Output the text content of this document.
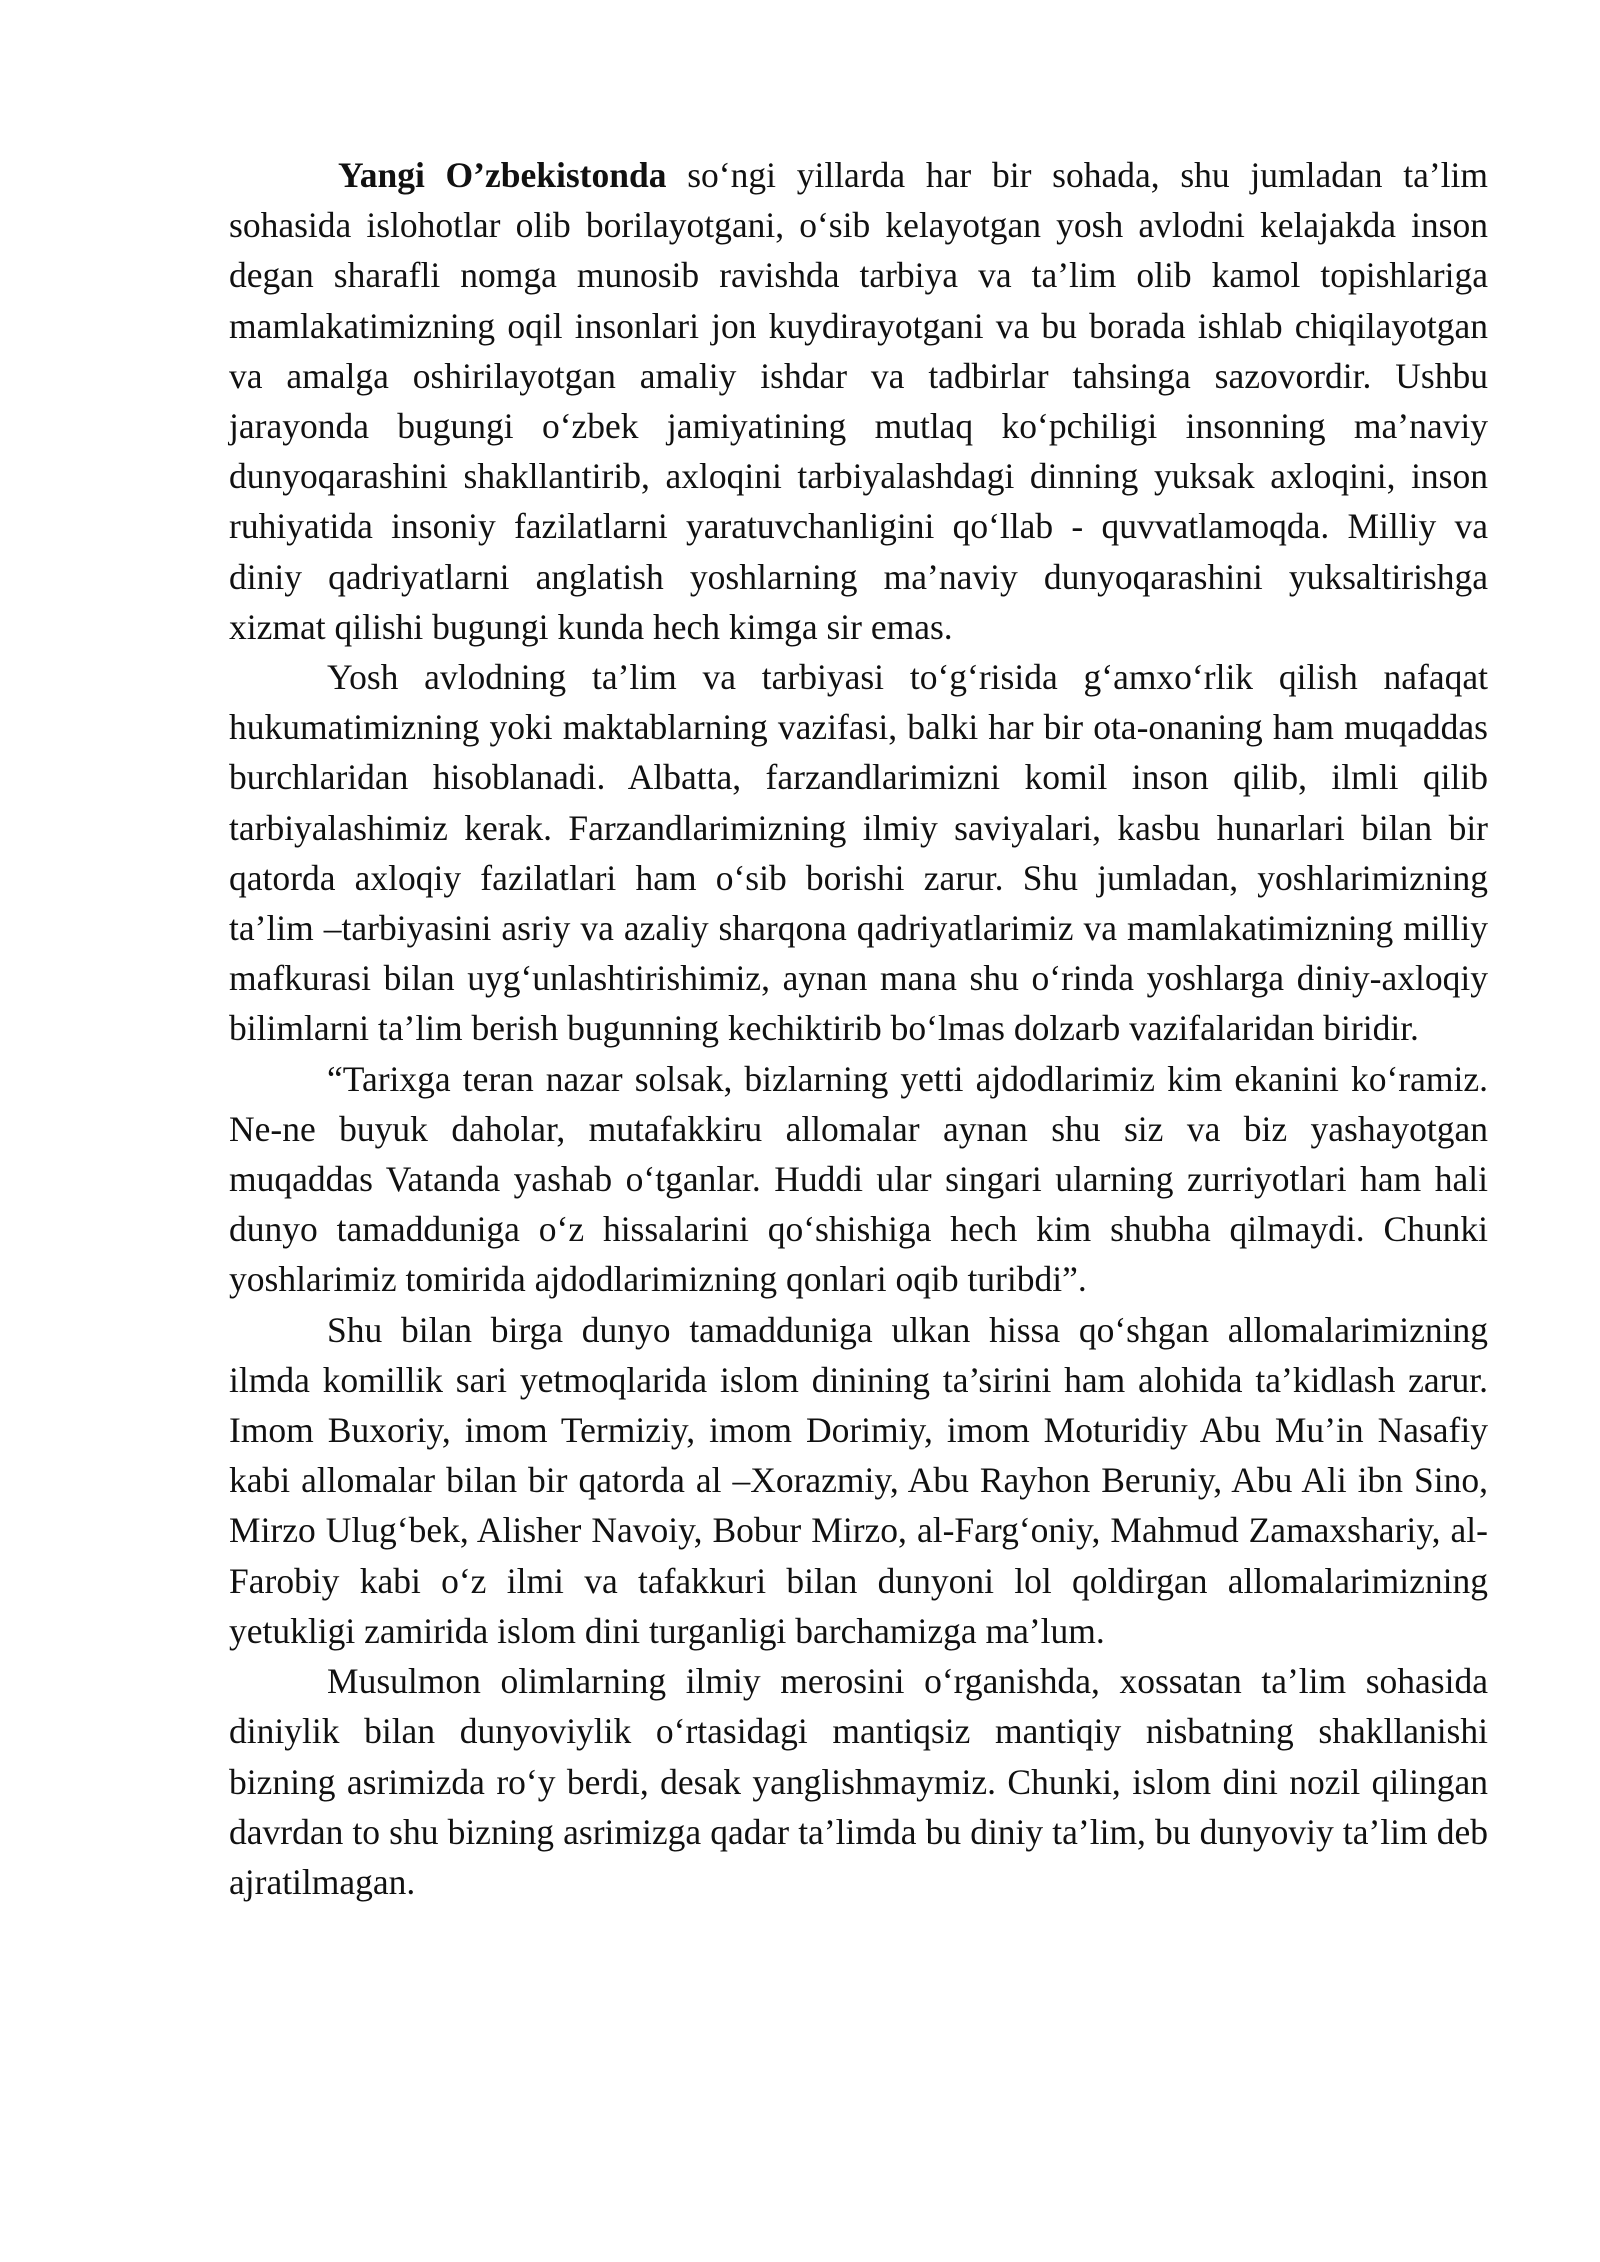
Yangi O’zbekistonda so‘ngi yillarda har bir sohada, shu jumladan ta’lim sohasida islohotlar olib borilayotgani, o‘sib kelayotgan yosh avlodni kelajakda inson degan sharafli nomga munosib ravishda tarbiya va ta’lim olib kamol topishlariga mamlakatimizning oqil insonlari jon kuydirayotgani va bu borada ishlab chiqilayotgan va amalga oshirilayotgan amaliy ishdar va tadbirlar tahsinga sazovordir. Ushbu jarayonda bugungi o‘zbek jamiyatining mutlaq ko‘pchiligi insonning ma’naviy dunyoqarashini shakllantirib, axloqini tarbiyalashdagi dinning yuksak axloqini, inson ruhiyatida insoniy fazilatlarni yaratuvchanligini qo‘llab - quvvatlamoqda. Milliy va diniy qadriyatlarni anglatish yoshlarning ma’naviy dunyoqarashini yuksaltirishga xizmat qilishi bugungi kunda hech kimga sir emas.

Yosh avlodning ta’lim va tarbiyasi to‘g‘risida g‘amxo‘rlik qilish nafaqat hukumatimizning yoki maktablarning vazifasi, balki har bir ota-onaning ham muqaddas burchlaridan hisoblanadi. Albatta, farzandlarimizni komil inson qilib, ilmli qilib tarbiyalashimiz kerak. Farzandlarimizning ilmiy saviyalari, kasbu hunarlari bilan bir qatorda axloqiy fazilatlari ham o‘sib borishi zarur. Shu jumladan, yoshlarimizning ta’lim –tarbiyasini asriy va azaliy sharqona qadriyatlarimiz va mamlakatimizning milliy mafkurasi bilan uyg‘unlashtirishimiz, aynan mana shu o‘rinda yoshlarga diniy-axloqiy bilimlarni ta’lim berish bugunning kechiktirib bo‘lmas dolzarb vazifalaridan biridir.

“Tarixga teran nazar solsak, bizlarning yetti ajdodlarimiz kim ekanini ko‘ramiz. Ne-ne buyuk daholar, mutafakkiru allomalar aynan shu siz va biz yashayotgan muqaddas Vatanda yashab o‘tganlar. Huddi ular singari ularning zurriyotlari ham hali dunyo tamadduniga o‘z hissalarini qo‘shishiga hech kim shubha qilmaydi. Chunki yoshlarimiz tomirida ajdodlarimizning qonlari oqib turibdi”.

Shu bilan birga dunyo tamadduniga ulkan hissa qo‘shgan allomalarimizning ilmda komillik sari yetmoqlarida islom dinining ta’sirini ham alohida ta’kidlash zarur. Imom Buxoriy, imom Termiziy, imom Dorimiy, imom Moturidiy Abu Mu’in Nasafiy kabi allomalar bilan bir qatorda al –Xorazmiy, Abu Rayhon Beruniy, Abu Ali ibn Sino, Mirzo Ulug‘bek, Alisher Navoiy, Bobur Mirzo, al-Farg‘oniy, Mahmud Zamaxshariy, al-Farobiy kabi o‘z ilmi va tafakkuri bilan dunyoni lol qoldirgan allomalarimizning yetukligi zamirida islom dini turganligi barchamizga ma’lum.

Musulmon olimlarning ilmiy merosini o‘rganishda, xossatan ta’lim sohasida diniylik bilan dunyoviylik o‘rtasidagi mantiqsiz mantiqiy nisbatning shakllanishi bizning asrimizda ro‘y berdi, desak yanglishmaymiz. Chunki, islom dini nozil qilingan davrdan to shu bizning asrimizga qadar ta’limda bu diniy ta’lim, bu dunyoviy ta’lim deb ajratilmagan.
